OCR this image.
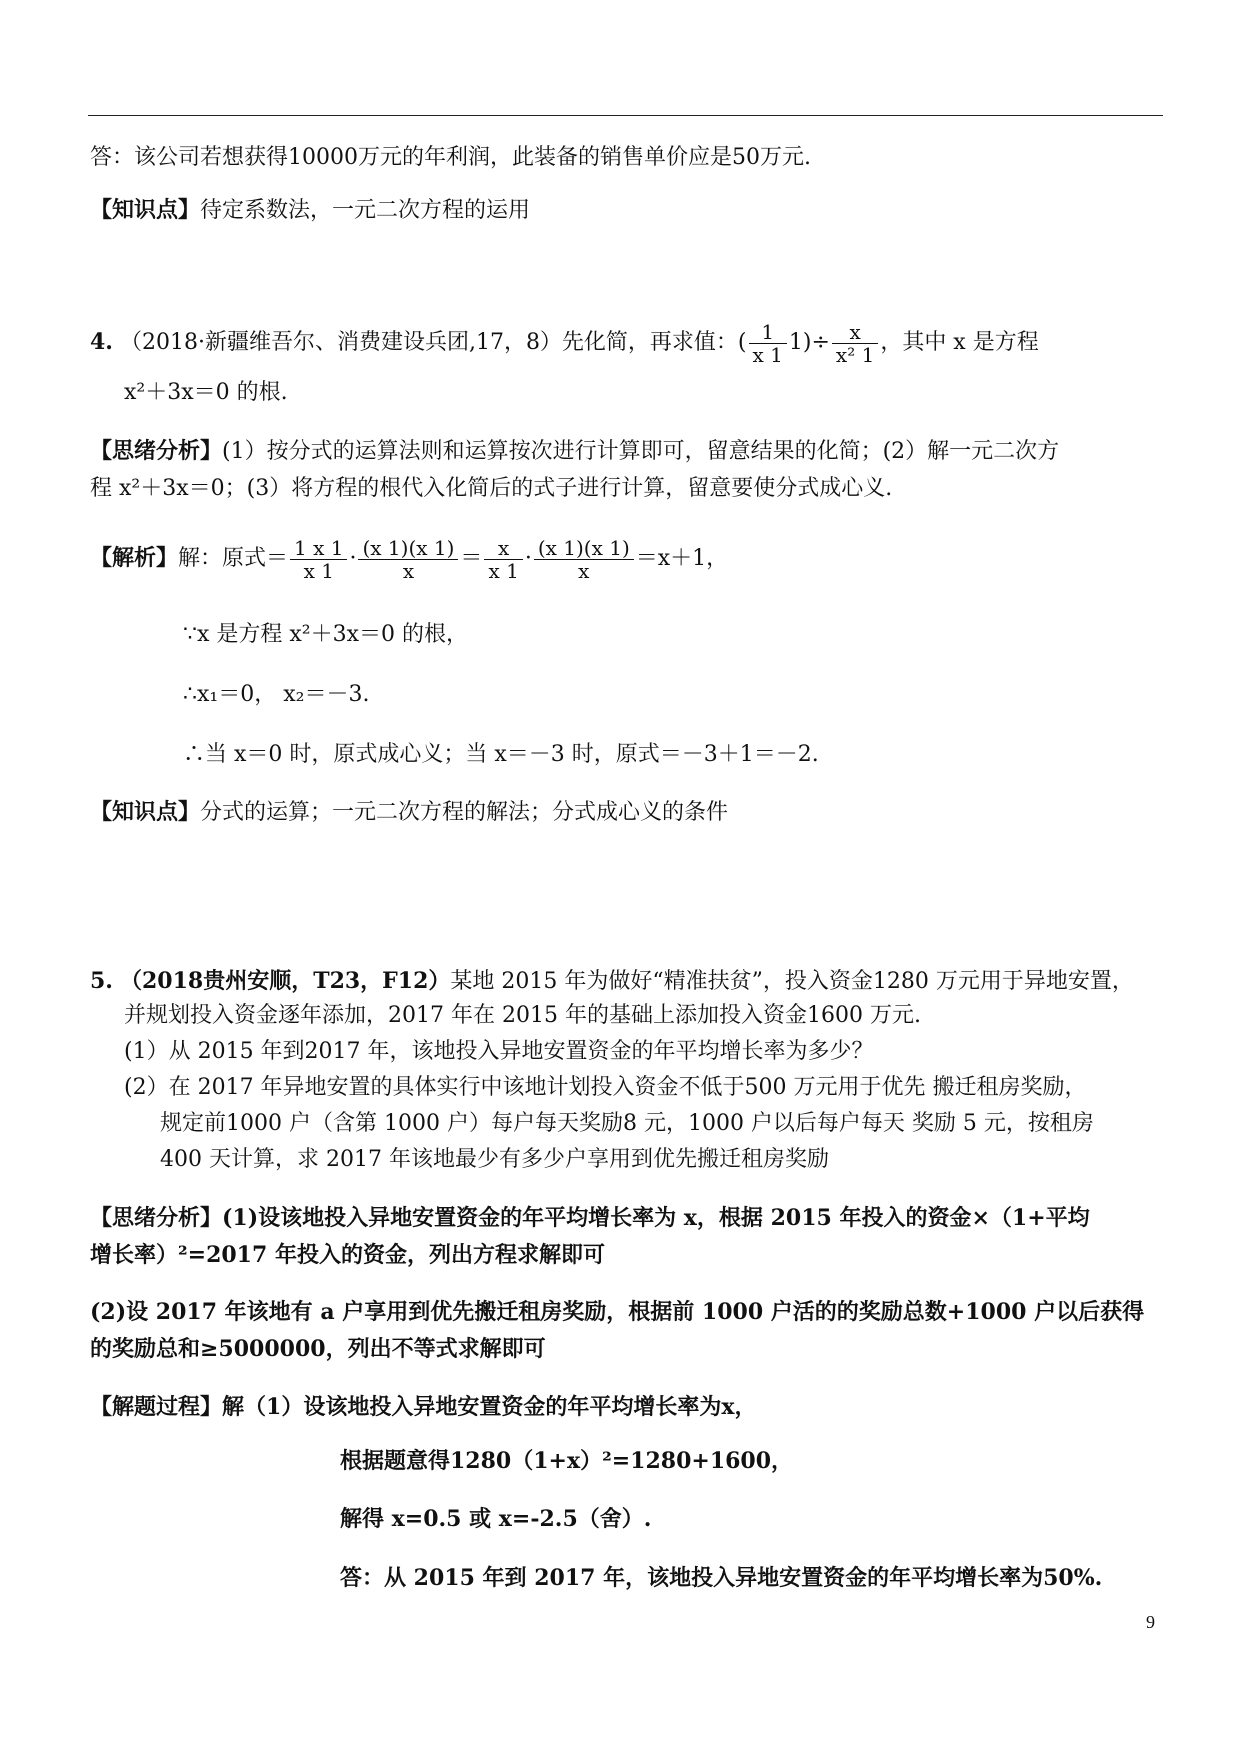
答：该公司若想获得10000万元的年利润，此装备的销售单价应是50万元.
【知识点】待定系数法，一元二次方程的运用
4. （2018·新疆维吾尔、消费建设兵团,17，8）先化简，再求值：( $\frac{1}{x 1} 1)\div \frac{x}{\text{x² 1}}$ ，其中 x 是方程
x²＋3x＝0 的根.
【思绪分析】(1）按分式的运算法则和运算按次进行计算即可，留意结果的化简；(2）解一元二次方
程 x²＋3x＝0；(3）将方程的根代入化简后的式子进行计算，留意要使分式成心义.
【解析】解：原式＝ $\frac{1 x 1}{x 1} \cdot \frac{(x 1)(x 1)}{x} = \frac{x}{x 1} \cdot \frac{(x 1)(x 1)}{x} =x+1$，
∵x 是方程 x²＋3x＝0 的根，
∴x₁＝0， x₂＝－3.
∴当 x＝0 时，原式成心义；当 x＝－3 时，原式＝－3＋1＝－2.
【知识点】分式的运算；一元二次方程的解法；分式成心义的条件
5. （2018贵州安顺，T23，F12）某地 2015 年为做好“精准扶贫”，投入资金1280 万元用于异地安置，
并规划投入资金逐年添加，2017 年在 2015 年的基础上添加投入资金1600 万元.
(1）从 2015 年到2017 年，该地投入异地安置资金的年平均增长率为多少？
(2）在 2017 年异地安置的具体实行中该地计划投入资金不低于500 万元用于优先 搬迁租房奖励，
规定前1000 户（含第 1000 户）每户每天奖励8 元，1000 户以后每户每天 奖励 5 元，按租房
400 天计算，求 2017 年该地最少有多少户享用到优先搬迁租房奖励
【思绪分析】(1)设该地投入异地安置资金的年平均增长率为 x，根据 2015 年投入的资金×（1+平均
增长率）²=2017 年投入的资金，列出方程求解即可
(2)设 2017 年该地有 a 户享用到优先搬迁租房奖励，根据前 1000 户活的的奖励总数+1000 户以后获得
的奖励总和≥5000000，列出不等式求解即可
【解题过程】解（1）设该地投入异地安置资金的年平均增长率为x，
根据题意得1280（1+x）²=1280+1600，
解得 x=0.5 或 x=-2.5（舍）.
答：从 2015 年到 2017 年，该地投入异地安置资金的年平均增长率为50%.
9
